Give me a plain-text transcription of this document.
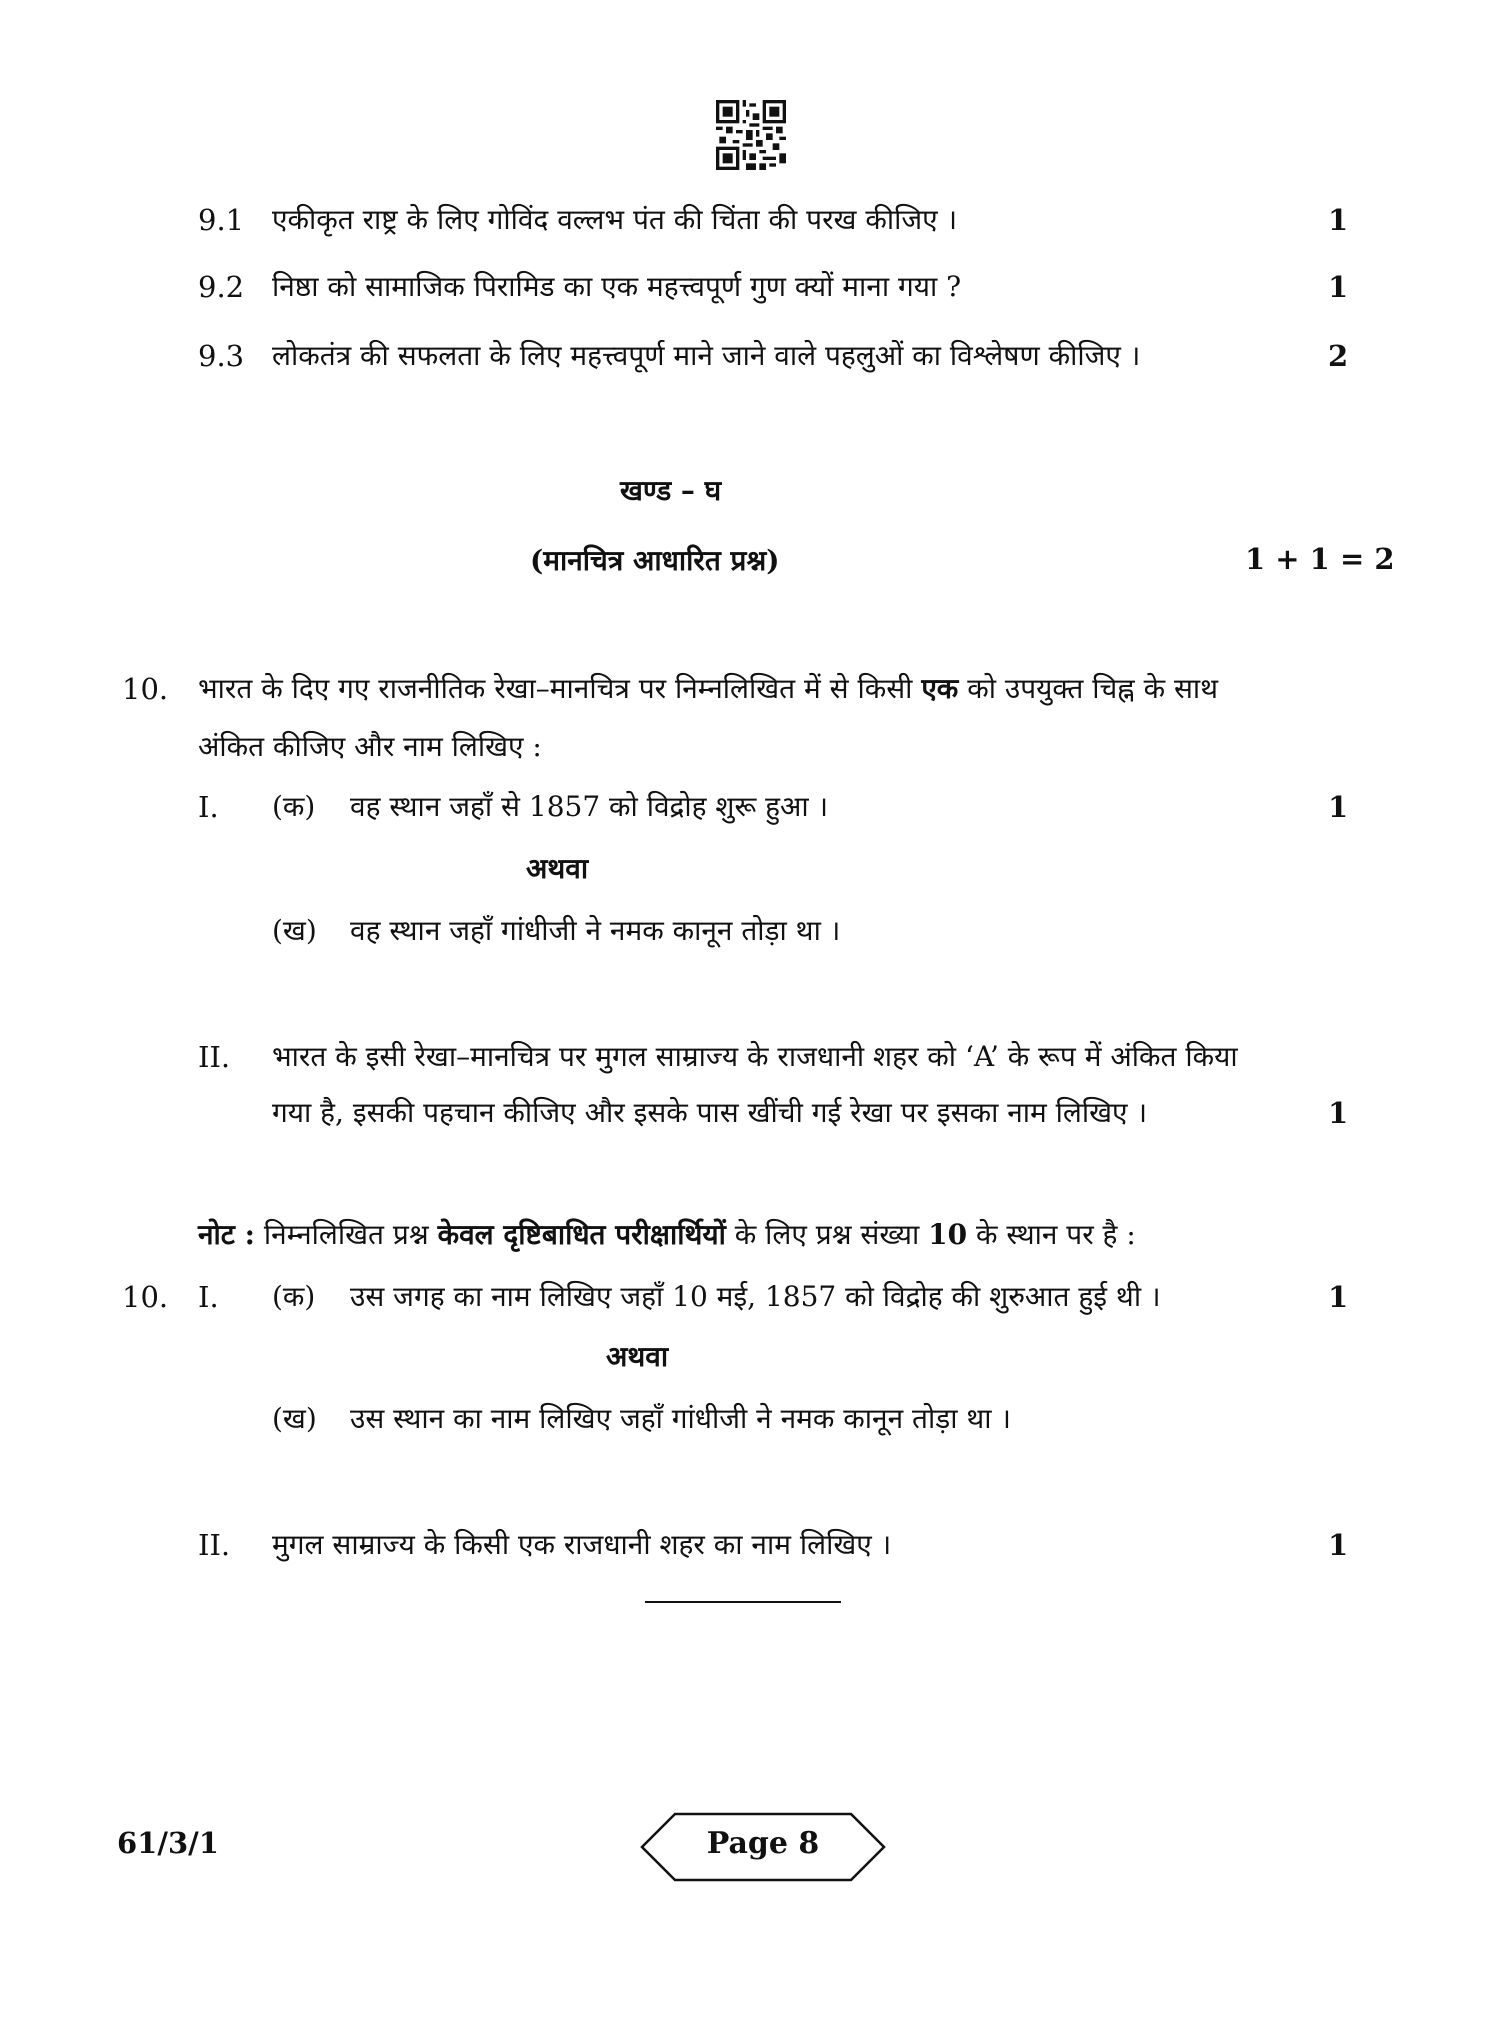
9.1 एकीकृत राष्ट्र के लिए गोविंद वल्लभ पंत की चिंता की परख कीजिए ।	1
9.2 निष्ठा को सामाजिक पिरामिड का एक महत्त्वपूर्ण गुण क्यों माना गया ?	1
9.3 लोकतंत्र की सफलता के लिए महत्त्वपूर्ण माने जाने वाले पहलुओं का विश्लेषण कीजिए ।	2
खण्ड – घ
(मानचित्र आधारित प्रश्न)	1 + 1 = 2
10. भारत के दिए गए राजनीतिक रेखा–मानचित्र पर निम्नलिखित में से किसी एक को उपयुक्त चिह्न के साथ
अंकित कीजिए और नाम लिखिए :
I. (क) वह स्थान जहाँ से 1857 को विद्रोह शुरू हुआ ।	1
अथवा
(ख) वह स्थान जहाँ गांधीजी ने नमक कानून तोड़ा था ।
II. भारत के इसी रेखा–मानचित्र पर मुगल साम्राज्य के राजधानी शहर को ‘A’ के रूप में अंकित किया
गया है, इसकी पहचान कीजिए और इसके पास खींची गई रेखा पर इसका नाम लिखिए ।	1
नोट : निम्नलिखित प्रश्न केवल दृष्टिबाधित परीक्षार्थियों के लिए प्रश्न संख्या 10 के स्थान पर है :
10. I. (क) उस जगह का नाम लिखिए जहाँ 10 मई, 1857 को विद्रोह की शुरुआत हुई थी ।	1
अथवा
(ख) उस स्थान का नाम लिखिए जहाँ गांधीजी ने नमक कानून तोड़ा था ।
II. मुगल साम्राज्य के किसी एक राजधानी शहर का नाम लिखिए ।	1
61/3/1	Page 8
